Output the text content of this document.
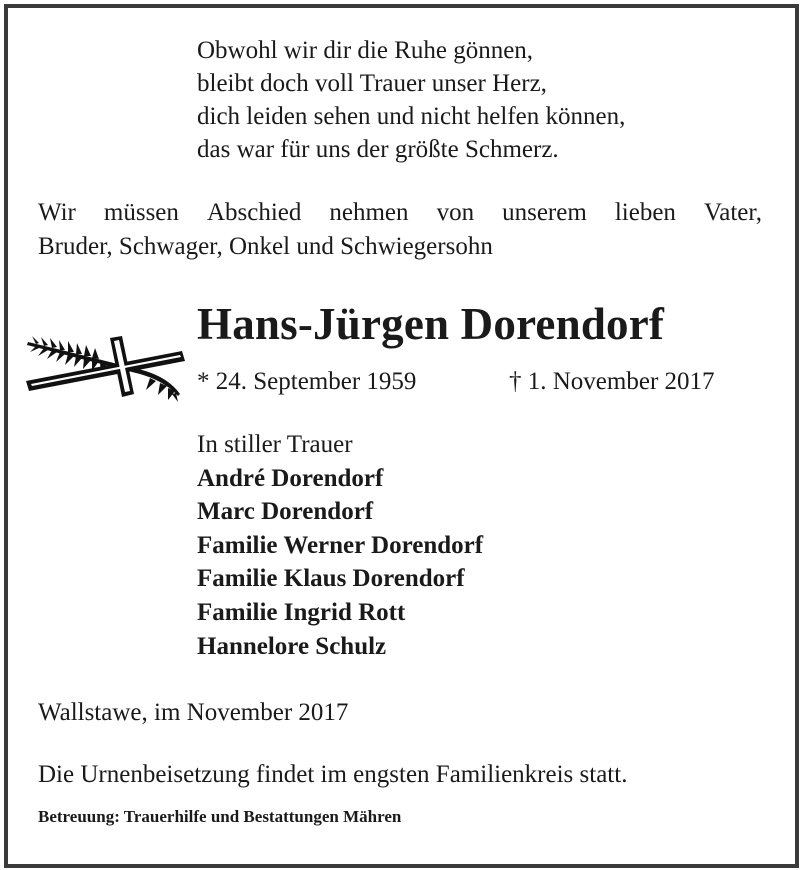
Obwohl wir dir die Ruhe gönnen,
bleibt doch voll Trauer unser Herz,
dich leiden sehen und nicht helfen können,
das war für uns der größte Schmerz.
Wir müssen Abschied nehmen von unserem lieben Vater,
Bruder, Schwager, Onkel und Schwiegersohn
Hans-Jürgen Dorendorf
* 24. September 1959	† 1. November 2017
In stiller Trauer
André Dorendorf
Marc Dorendorf
Familie Werner Dorendorf
Familie Klaus Dorendorf
Familie Ingrid Rott
Hannelore Schulz
Wallstawe, im November 2017
Die Urnenbeisetzung findet im engsten Familienkreis statt.
Betreuung: Trauerhilfe und Bestattungen Mähren
